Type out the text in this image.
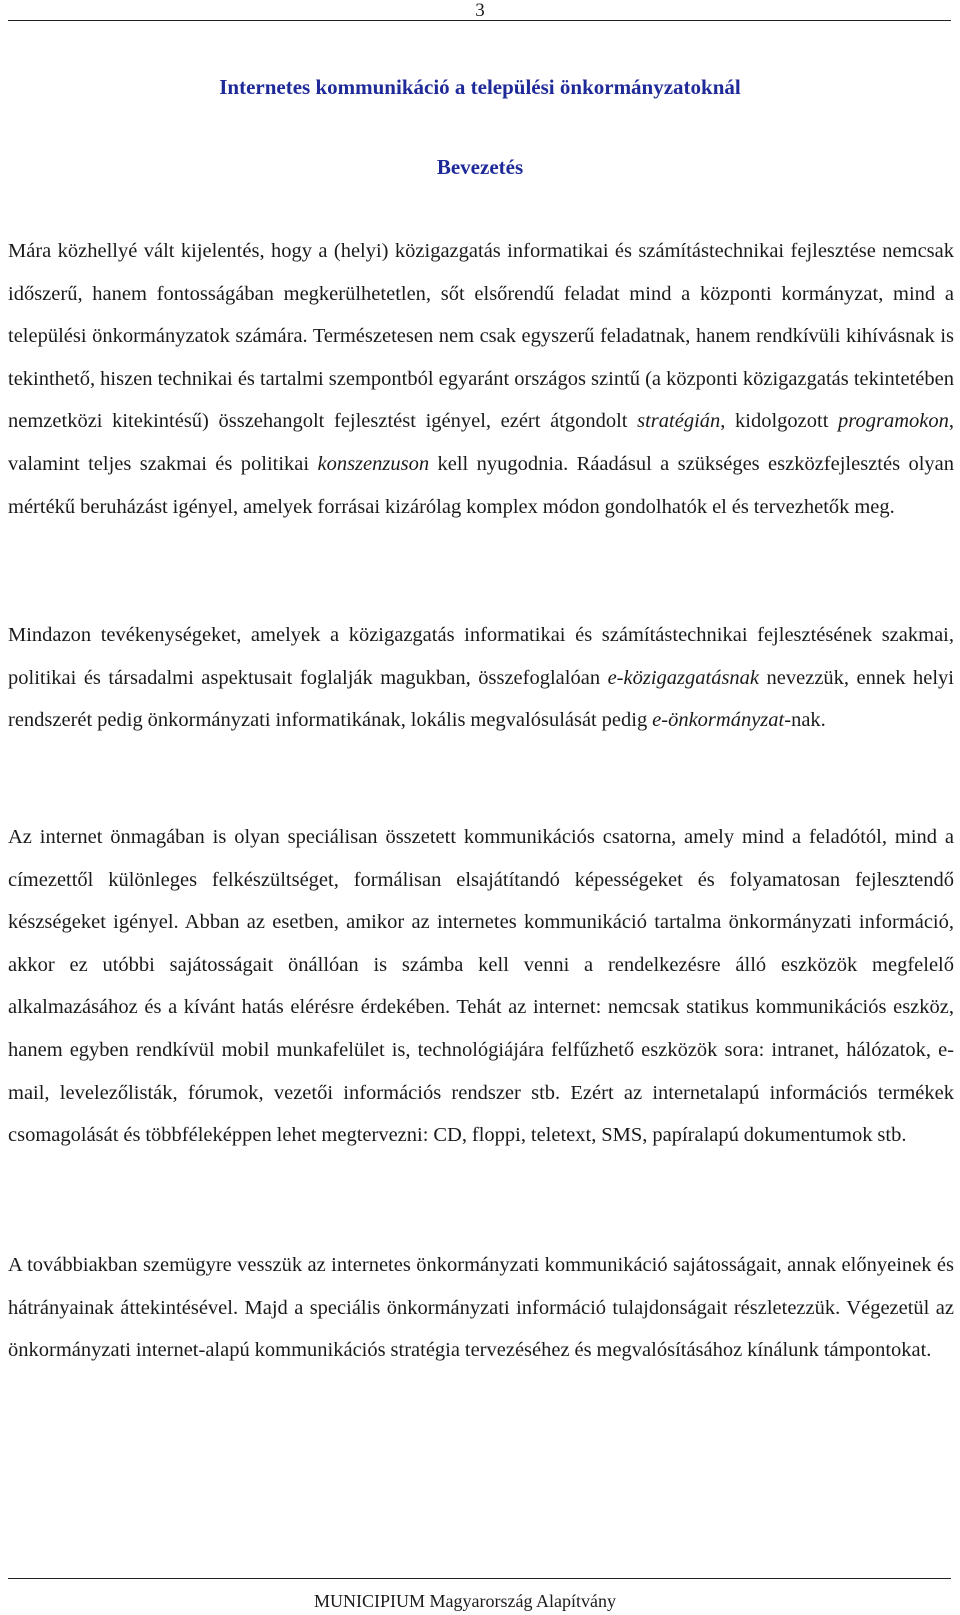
3
Internetes kommunikáció a települési önkormányzatoknál
Bevezetés

Mára közhellyé vált kijelentés, hogy a (helyi) közigazgatás informatikai és számítástechnikai fejlesztése nemcsak időszerű, hanem fontosságában megkerülhetetlen, sőt elsőrendű feladat mind a központi kormányzat, mind a települési önkormányzatok számára. Természetesen nem csak egyszerű feladatnak, hanem rendkívüli kihívásnak is tekinthető, hiszen technikai és tartalmi szempontból egyaránt országos szintű (a központi közigazgatás tekintetében nemzetközi kitekintésű) összehangolt fejlesztést igényel, ezért átgondolt stratégián, kidolgozott programokon, valamint teljes szakmai és politikai konszenzuson kell nyugodnia. Ráadásul a szükséges eszközfejlesztés olyan mértékű beruházást igényel, amelyek forrásai kizárólag komplex módon gondolhatók el és tervezhetők meg.

Mindazon tevékenységeket, amelyek a közigazgatás informatikai és számítástechnikai fejlesztésének szakmai, politikai és társadalmi aspektusait foglalják magukban, összefoglalóan e-közigazgatásnak nevezzük, ennek helyi rendszerét pedig önkormányzati informatikának, lokális megvalósulását pedig e-önkormányzat-nak.

Az internet önmagában is olyan speciálisan összetett kommunikációs csatorna, amely mind a feladótól, mind a címezettől különleges felkészültséget, formálisan elsajátítandó képességeket és folyamatosan fejlesztendő készségeket igényel. Abban az esetben, amikor az internetes kommunikáció tartalma önkormányzati információ, akkor ez utóbbi sajátosságait önállóan is számba kell venni a rendelkezésre álló eszközök megfelelő alkalmazásához és a kívánt hatás elérésre érdekében. Tehát az internet: nemcsak statikus kommunikációs eszköz, hanem egyben rendkívül mobil munkafelület is, technológiájára felfűzhető eszközök sora: intranet, hálózatok, e-mail, levelezőlisták, fórumok, vezetői információs rendszer stb. Ezért az internetalapú információs termékek csomagolását és többféleképpen lehet megtervezni: CD, floppi, teletext, SMS, papíralapú dokumentumok stb.

A továbbiakban szemügyre vesszük az internetes önkormányzati kommunikáció sajátosságait, annak előnyeinek és hátrányainak áttekintésével. Majd a speciális önkormányzati információ tulajdonságait részletezzük. Végezetül az önkormányzati internet-alapú kommunikációs stratégia tervezéséhez és megvalósításához kínálunk támpontokat.

MUNICIPIUM Magyarország Alapítvány
